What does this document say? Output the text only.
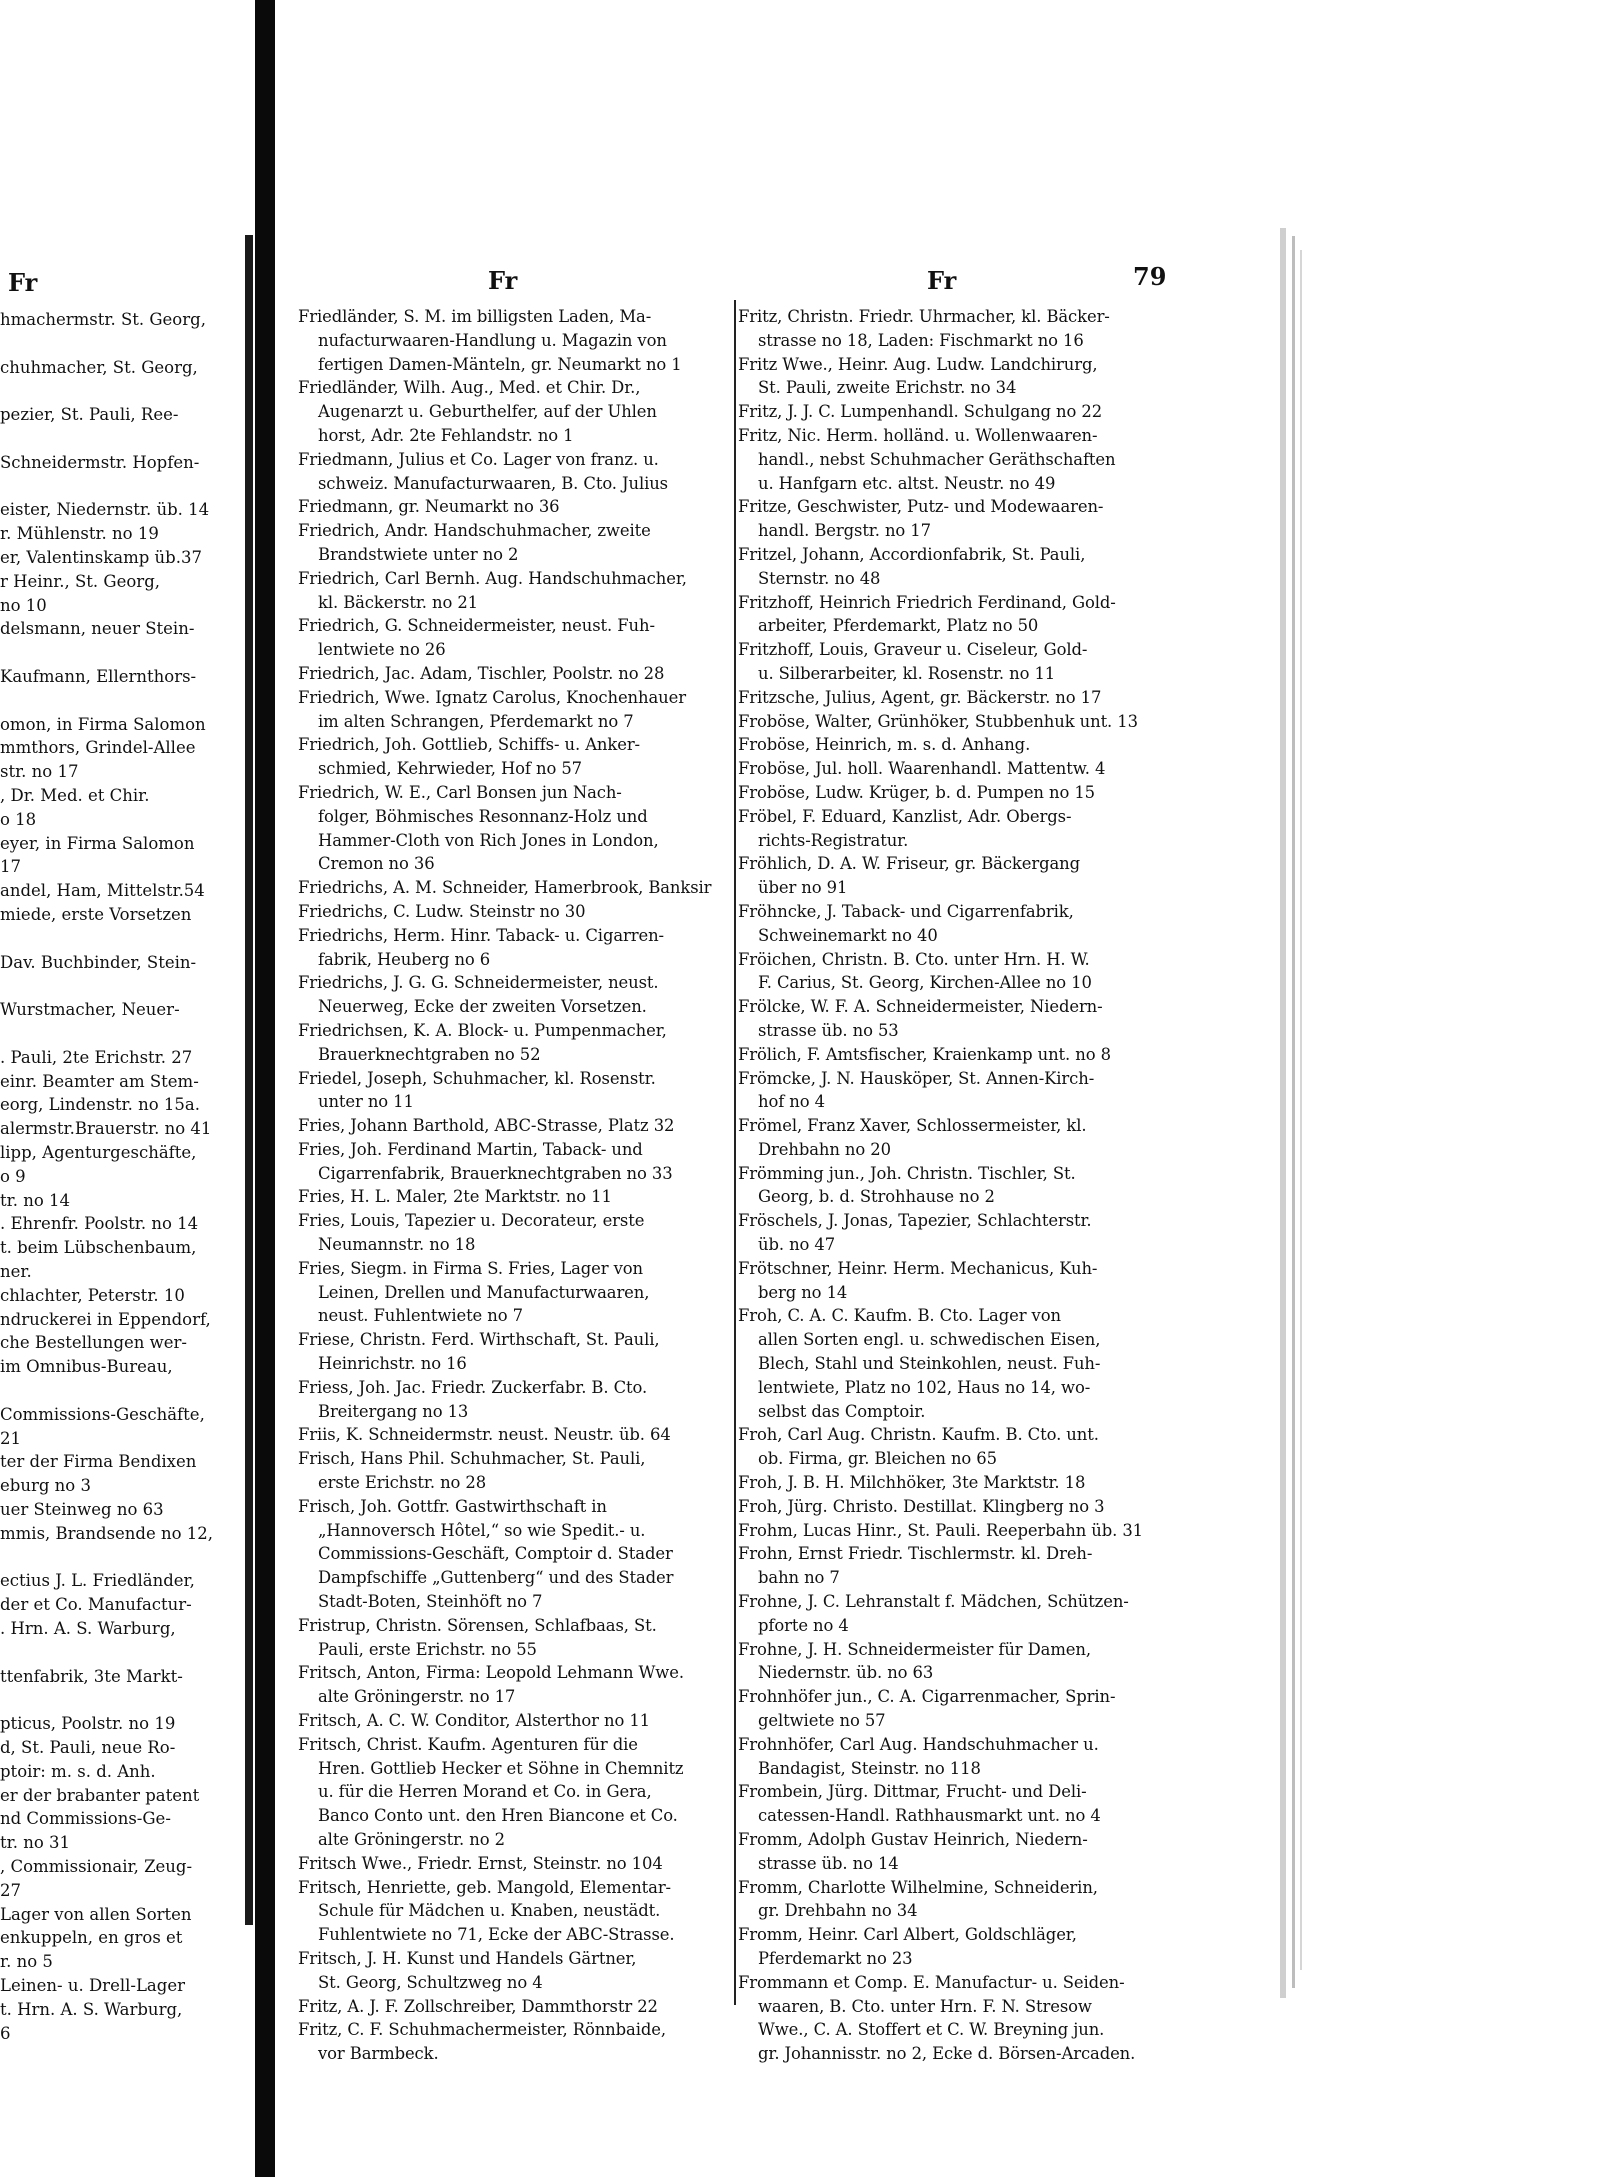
Fr
hmachermstr. St. Georg,
chuhmacher, St. Georg,
pezier, St. Pauli, Ree-
Schneidermstr. Hopfen-
eister, Niedernstr. üb. 14
r. Mühlenstr. no 19
er, Valentinskamp üb.37
r Heinr., St. Georg,
no 10
delsmann, neuer Stein-
Kaufmann, Ellernthors-
omon, in Firma Salomon
mmthors, Grindel-Allee
str. no 17
, Dr. Med. et Chir.
o 18
eyer, in Firma Salomon
17
andel, Ham, Mittelstr.54
miede, erste Vorsetzen
Dav. Buchbinder, Stein-
Wurstmacher, Neuer-
. Pauli, 2te Erichstr. 27
einr. Beamter am Stem-
eorg, Lindenstr. no 15a.
alermstr.Brauerstr. no 41
lipp, Agenturgeschäfte,
o 9
tr. no 14
. Ehrenfr. Poolstr. no 14
t. beim Lübschenbaum,
ner.
chlachter, Peterstr. 10
ndruckerei in Eppendorf,
che Bestellungen wer-
im Omnibus-Bureau,
Commissions-Geschäfte,
21
ter der Firma Bendixen
eburg no 3
uer Steinweg no 63
mmis, Brandsende no 12,
ectius J. L. Friedländer,
der et Co. Manufactur-
. Hrn. A. S. Warburg,
ttenfabrik, 3te Markt-
pticus, Poolstr. no 19
d, St. Pauli, neue Ro-
ptoir: m. s. d. Anh.
er der brabanter patent
nd Commissions-Ge-
tr. no 31
, Commissionair, Zeug-
27
Lager von allen Sorten
enkuppeln, en gros et
r. no 5
Leinen- u. Drell-Lager
t. Hrn. A. S. Warburg,
6
Fr	Fr	79
Friedländer, S. M. im billigsten Laden, Ma-
nufacturwaaren-Handlung u. Magazin von
fertigen Damen-Mänteln, gr. Neumarkt no 1
Friedländer, Wilh. Aug., Med. et Chir. Dr.,
Augenarzt u. Geburthelfer, auf der Uhlen
horst, Adr. 2te Fehlandstr. no 1
Friedmann, Julius et Co. Lager von franz. u.
schweiz. Manufacturwaaren, B. Cto. Julius
Friedmann, gr. Neumarkt no 36
Friedrich, Andr. Handschuhmacher, zweite
Brandstwiete unter no 2
Friedrich, Carl Bernh. Aug. Handschuhmacher,
kl. Bäckerstr. no 21
Friedrich, G. Schneidermeister, neust. Fuh-
lentwiete no 26
Friedrich, Jac. Adam, Tischler, Poolstr. no 28
Friedrich, Wwe. Ignatz Carolus, Knochenhauer
im alten Schrangen, Pferdemarkt no 7
Friedrich, Joh. Gottlieb, Schiffs- u. Anker-
schmied, Kehrwieder, Hof no 57
Friedrich, W. E., Carl Bonsen jun Nach-
folger, Böhmisches Resonnanz-Holz und
Hammer-Cloth von Rich Jones in London,
Cremon no 36
Friedrichs, A. M. Schneider, Hamerbrook, Banksir
Friedrichs, C. Ludw. Steinstr no 30
Friedrichs, Herm. Hinr. Taback- u. Cigarren-
fabrik, Heuberg no 6
Friedrichs, J. G. G. Schneidermeister, neust.
Neuerweg, Ecke der zweiten Vorsetzen.
Friedrichsen, K. A. Block- u. Pumpenmacher,
Brauerknechtgraben no 52
Friedel, Joseph, Schuhmacher, kl. Rosenstr.
unter no 11
Fries, Johann Barthold, ABC-Strasse, Platz 32
Fries, Joh. Ferdinand Martin, Taback- und
Cigarrenfabrik, Brauerknechtgraben no 33
Fries, H. L. Maler, 2te Marktstr. no 11
Fries, Louis, Tapezier u. Decorateur, erste
Neumannstr. no 18
Fries, Siegm. in Firma S. Fries, Lager von
Leinen, Drellen und Manufacturwaaren,
neust. Fuhlentwiete no 7
Friese, Christn. Ferd. Wirthschaft, St. Pauli,
Heinrichstr. no 16
Friess, Joh. Jac. Friedr. Zuckerfabr. B. Cto.
Breitergang no 13
Friis, K. Schneidermstr. neust. Neustr. üb. 64
Frisch, Hans Phil. Schuhmacher, St. Pauli,
erste Erichstr. no 28
Frisch, Joh. Gottfr. Gastwirthschaft in
„Hannoversch Hôtel,“ so wie Spedit.- u.
Commissions-Geschäft, Comptoir d. Stader
Dampfschiffe „Guttenberg“ und des Stader
Stadt-Boten, Steinhöft no 7
Fristrup, Christn. Sörensen, Schlafbaas, St.
Pauli, erste Erichstr. no 55
Fritsch, Anton, Firma: Leopold Lehmann Wwe.
alte Gröningerstr. no 17
Fritsch, A. C. W. Conditor, Alsterthor no 11
Fritsch, Christ. Kaufm. Agenturen für die
Hren. Gottlieb Hecker et Söhne in Chemnitz
u. für die Herren Morand et Co. in Gera,
Banco Conto unt. den Hren Biancone et Co.
alte Gröningerstr. no 2
Fritsch Wwe., Friedr. Ernst, Steinstr. no 104
Fritsch, Henriette, geb. Mangold, Elementar-
Schule für Mädchen u. Knaben, neustädt.
Fuhlentwiete no 71, Ecke der ABC-Strasse.
Fritsch, J. H. Kunst und Handels Gärtner,
St. Georg, Schultzweg no 4
Fritz, A. J. F. Zollschreiber, Dammthorstr 22
Fritz, C. F. Schuhmachermeister, Rönnbaide,
vor Barmbeck.
Fritz, Christn. Friedr. Uhrmacher, kl. Bäcker-
strasse no 18, Laden: Fischmarkt no 16
Fritz Wwe., Heinr. Aug. Ludw. Landchirurg,
St. Pauli, zweite Erichstr. no 34
Fritz, J. J. C. Lumpenhandl. Schulgang no 22
Fritz, Nic. Herm. holländ. u. Wollenwaaren-
handl., nebst Schuhmacher Geräthschaften
u. Hanfgarn etc. altst. Neustr. no 49
Fritze, Geschwister, Putz- und Modewaaren-
handl. Bergstr. no 17
Fritzel, Johann, Accordionfabrik, St. Pauli,
Sternstr. no 48
Fritzhoff, Heinrich Friedrich Ferdinand, Gold-
arbeiter, Pferdemarkt, Platz no 50
Fritzhoff, Louis, Graveur u. Ciseleur, Gold-
u. Silberarbeiter, kl. Rosenstr. no 11
Fritzsche, Julius, Agent, gr. Bäckerstr. no 17
Froböse, Walter, Grünhöker, Stubbenhuk unt. 13
Froböse, Heinrich, m. s. d. Anhang.
Froböse, Jul. holl. Waarenhandl. Mattentw. 4
Froböse, Ludw. Krüger, b. d. Pumpen no 15
Fröbel, F. Eduard, Kanzlist, Adr. Obergs-
richts-Registratur.
Fröhlich, D. A. W. Friseur, gr. Bäckergang
über no 91
Fröhncke, J. Taback- und Cigarrenfabrik,
Schweinemarkt no 40
Fröichen, Christn. B. Cto. unter Hrn. H. W.
F. Carius, St. Georg, Kirchen-Allee no 10
Frölcke, W. F. A. Schneidermeister, Niedern-
strasse üb. no 53
Frölich, F. Amtsfischer, Kraienkamp unt. no 8
Frömcke, J. N. Hausköper, St. Annen-Kirch-
hof no 4
Frömel, Franz Xaver, Schlossermeister, kl.
Drehbahn no 20
Frömming jun., Joh. Christn. Tischler, St.
Georg, b. d. Strohhause no 2
Fröschels, J. Jonas, Tapezier, Schlachterstr.
üb. no 47
Frötschner, Heinr. Herm. Mechanicus, Kuh-
berg no 14
Froh, C. A. C. Kaufm. B. Cto. Lager von
allen Sorten engl. u. schwedischen Eisen,
Blech, Stahl und Steinkohlen, neust. Fuh-
lentwiete, Platz no 102, Haus no 14, wo-
selbst das Comptoir.
Froh, Carl Aug. Christn. Kaufm. B. Cto. unt.
ob. Firma, gr. Bleichen no 65
Froh, J. B. H. Milchhöker, 3te Marktstr. 18
Froh, Jürg. Christo. Destillat. Klingberg no 3
Frohm, Lucas Hinr., St. Pauli. Reeperbahn üb. 31
Frohn, Ernst Friedr. Tischlermstr. kl. Dreh-
bahn no 7
Frohne, J. C. Lehranstalt f. Mädchen, Schützen-
pforte no 4
Frohne, J. H. Schneidermeister für Damen,
Niedernstr. üb. no 63
Frohnhöfer jun., C. A. Cigarrenmacher, Sprin-
geltwiete no 57
Frohnhöfer, Carl Aug. Handschuhmacher u.
Bandagist, Steinstr. no 118
Frombein, Jürg. Dittmar, Frucht- und Deli-
catessen-Handl. Rathhausmarkt unt. no 4
Fromm, Adolph Gustav Heinrich, Niedern-
strasse üb. no 14
Fromm, Charlotte Wilhelmine, Schneiderin,
gr. Drehbahn no 34
Fromm, Heinr. Carl Albert, Goldschläger,
Pferdemarkt no 23
Frommann et Comp. E. Manufactur- u. Seiden-
waaren, B. Cto. unter Hrn. F. N. Stresow
Wwe., C. A. Stoffert et C. W. Breyning jun.
gr. Johannisstr. no 2, Ecke d. Börsen-Arcaden.
